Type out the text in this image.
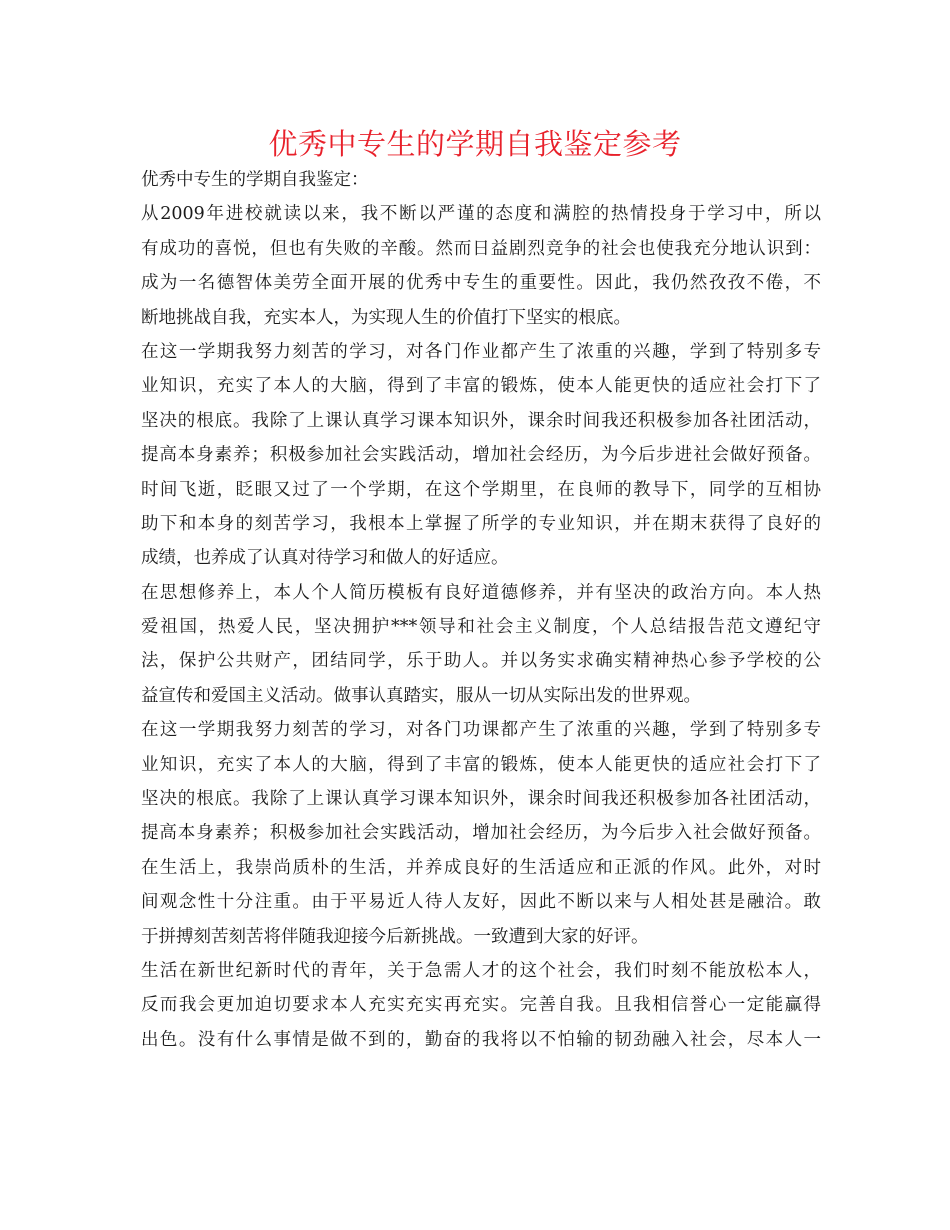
优秀中专生的学期自我鉴定参考
优秀中专生的学期自我鉴定：
从2009年进校就读以来，我不断以严谨的态度和满腔的热情投身于学习中，所以
有成功的喜悦，但也有失败的辛酸。然而日益剧烈竞争的社会也使我充分地认识到：
成为一名德智体美劳全面开展的优秀中专生的重要性。因此，我仍然孜孜不倦，不
断地挑战自我，充实本人，为实现人生的价值打下坚实的根底。
在这一学期我努力刻苦的学习，对各门作业都产生了浓重的兴趣，学到了特别多专
业知识，充实了本人的大脑，得到了丰富的锻炼，使本人能更快的适应社会打下了
坚决的根底。我除了上课认真学习课本知识外，课余时间我还积极参加各社团活动，
提高本身素养；积极参加社会实践活动，增加社会经历，为今后步进社会做好预备。
时间飞逝，眨眼又过了一个学期，在这个学期里，在良师的教导下，同学的互相协
助下和本身的刻苦学习，我根本上掌握了所学的专业知识，并在期末获得了良好的
成绩，也养成了认真对待学习和做人的好适应。
在思想修养上，本人个人简历模板有良好道德修养，并有坚决的政治方向。本人热
爱祖国，热爱人民，坚决拥护***领导和社会主义制度，个人总结报告范文遵纪守
法，保护公共财产，团结同学，乐于助人。并以务实求确实精神热心参予学校的公
益宣传和爱国主义活动。做事认真踏实，服从一切从实际出发的世界观。
在这一学期我努力刻苦的学习，对各门功课都产生了浓重的兴趣，学到了特别多专
业知识，充实了本人的大脑，得到了丰富的锻炼，使本人能更快的适应社会打下了
坚决的根底。我除了上课认真学习课本知识外，课余时间我还积极参加各社团活动，
提高本身素养；积极参加社会实践活动，增加社会经历，为今后步入社会做好预备。
在生活上，我崇尚质朴的生活，并养成良好的生活适应和正派的作风。此外，对时
间观念性十分注重。由于平易近人待人友好，因此不断以来与人相处甚是融洽。敢
于拼搏刻苦刻苦将伴随我迎接今后新挑战。一致遭到大家的好评。
生活在新世纪新时代的青年，关于急需人才的这个社会，我们时刻不能放松本人，
反而我会更加迫切要求本人充实充实再充实。完善自我。且我相信誉心一定能赢得
出色。没有什么事情是做不到的，勤奋的我将以不怕输的韧劲融入社会，尽本人一
